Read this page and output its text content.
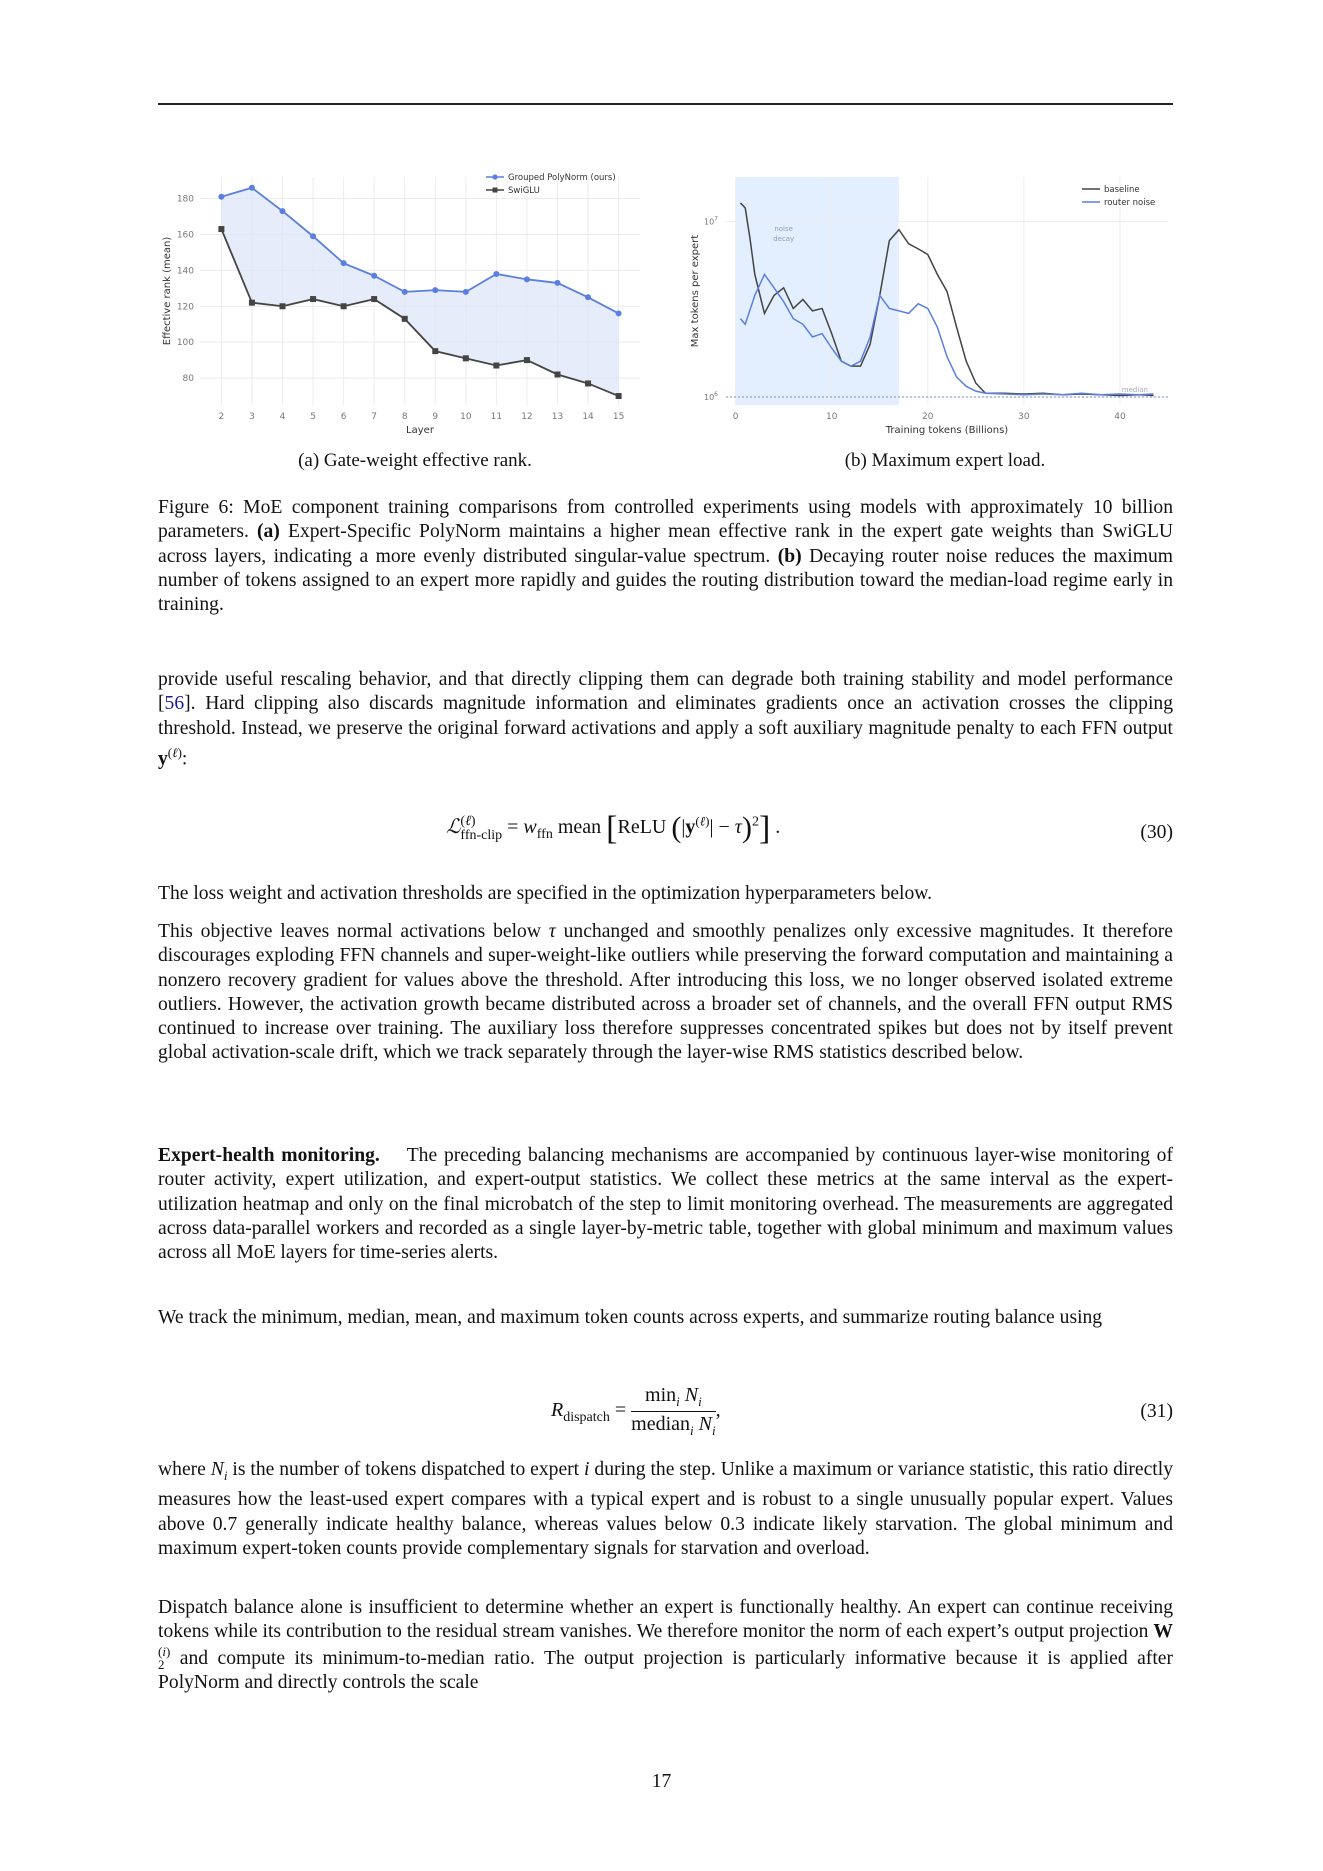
2	3	4	5	6	7	8	9 10 11 12 13 14 15
80
100
120
140
160
180
Layer
Effective rank (mean)
Grouped PolyNorm (ours)
SwiGLU
noise
decay
median
0	10	20	30	40
$10^6$
$10^7$
Training tokens (Billions)
Max tokens per expert
baseline
router noise
(a) Gate-weight effective rank.	(b) Maximum expert load.

Figure 6: MoE component training comparisons from controlled experiments using models with approximately 10 billion parameters. (a) Expert-Specific PolyNorm maintains a higher mean effective rank in the expert gate weights than SwiGLU across layers, indicating a more evenly distributed singular-value spectrum. (b) Decaying router noise reduces the maximum number of tokens assigned to an expert more rapidly and guides the routing distribution toward the median-load regime early in training.

provide useful rescaling behavior, and that directly clipping them can degrade both training stability and model performance [56]. Hard clipping also discards magnitude information and eliminates gradients once an activation crosses the clipping threshold. Instead, we preserve the original forward activations and apply a soft auxiliary magnitude penalty to each FFN output $y^{(\ell)}$:

ℒ (ℓ)
ffn-clip = $w_{ffn}$ mean [ReLU $(|y^{(\ell)}| - \tau)^2$] .	(30)

The loss weight and activation thresholds are specified in the optimization hyperparameters below.

This objective leaves normal activations below τ unchanged and smoothly penalizes only excessive magnitudes. It therefore discourages exploding FFN channels and super-weight-like outliers while preserving the forward computation and maintaining a nonzero recovery gradient for values above the threshold. After introducing this loss, we no longer observed isolated extreme outliers. However, the activation growth became distributed across a broader set of channels, and the overall FFN output RMS continued to increase over training. The auxiliary loss therefore suppresses concentrated spikes but does not by itself prevent global activation-scale drift, which we track separately through the layer-wise RMS statistics described below.

Expert-health monitoring. The preceding balancing mechanisms are accompanied by continuous layer-wise monitoring of router activity, expert utilization, and expert-output statistics. We collect these metrics at the same interval as the expert-utilization heatmap and only on the final microbatch of the step to limit monitoring overhead. The measurements are aggregated across data-parallel workers and recorded as a single layer-by-metric table, together with global minimum and maximum values across all MoE layers for time-series alerts.

We track the minimum, median, mean, and maximum token counts across experts, and summarize routing balance using

$R_{dispatch} = \frac{\min_i N_i}{median_i N_i}$ ,	(31)

where $N_i$ is the number of tokens dispatched to expert i during the step. Unlike a maximum or variance statistic, this ratio directly measures how the least-used expert compares with a typical expert and is robust to a single unusually popular expert. Values above 0.7 generally indicate healthy balance, whereas values below 0.3 indicate likely starvation. The global minimum and maximum expert-token counts provide complementary signals for starvation and overload.

Dispatch balance alone is insufficient to determine whether an expert is functionally healthy. An expert can continue receiving tokens while its contribution to the residual stream vanishes. We therefore monitor the norm of each expert’s output projection W
(i)
2 and compute its minimum-to-median ratio. The output projection is particularly informative because it is applied after PolyNorm and directly controls the scale

17
